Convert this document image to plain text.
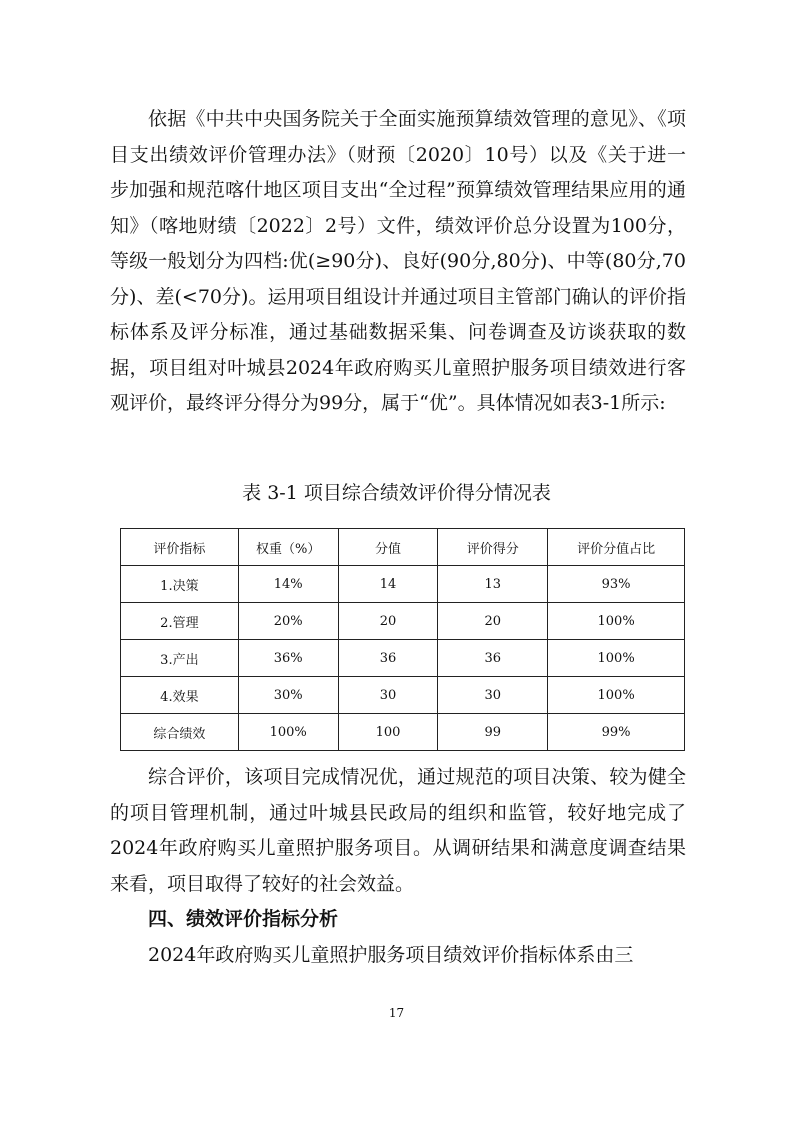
依据《中共中央国务院关于全面实施预算绩效管理的意见》、《项目支出绩效评价管理办法》（财预〔2020〕10号）以及《关于进一步加强和规范喀什地区项目支出“全过程”预算绩效管理结果应用的通知》（喀地财绩〔2022〕2号）文件，绩效评价总分设置为100分，等级一般划分为四档:优(≥90分)、良好(90分,80分)、中等(80分,70分)、差(<70分)。运用项目组设计并通过项目主管部门确认的评价指标体系及评分标准，通过基础数据采集、问卷调查及访谈获取的数据，项目组对叶城县2024年政府购买儿童照护服务项目绩效进行客观评价，最终评分得分为99分，属于“优”。具体情况如表3-1所示:

表 3-1 项目综合绩效评价得分情况表

评价指标	权重（%）	分值	评价得分	评价分值占比
1.决策	14%	14	13	93%
2.管理	20%	20	20	100%
3.产出	36%	36	36	100%
4.效果	30%	30	30	100%
综合绩效	100%	100	99	99%

综合评价，该项目完成情况优，通过规范的项目决策、较为健全的项目管理机制，通过叶城县民政局的组织和监管，较好地完成了2024年政府购买儿童照护服务项目。从调研结果和满意度调查结果来看，项目取得了较好的社会效益。

四、绩效评价指标分析

2024年政府购买儿童照护服务项目绩效评价指标体系由三

17
